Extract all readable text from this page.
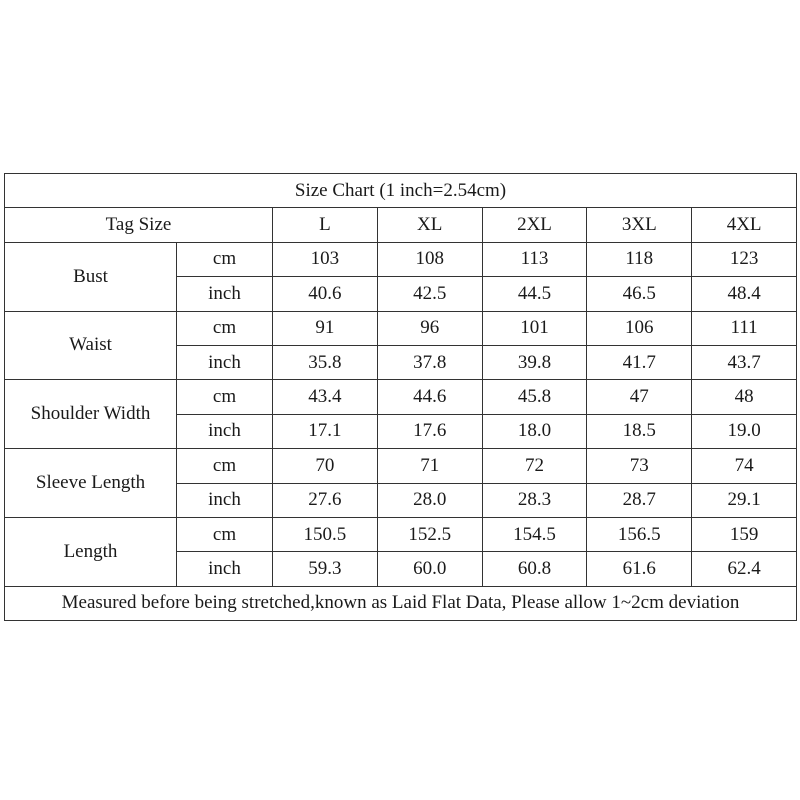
Size Chart (1 inch=2.54cm)						
Tag Size		L	XL	2XL	3XL	4XL
Bust	cm	103	108	113	118	123
	inch	40.6	42.5	44.5	46.5	48.4
Waist	cm	91	96	101	106	111
	inch	35.8	37.8	39.8	41.7	43.7
Shoulder Width	cm	43.4	44.6	45.8	47	48
	inch	17.1	17.6	18.0	18.5	19.0
Sleeve Length	cm	70	71	72	73	74
	inch	27.6	28.0	28.3	28.7	29.1
Length	cm	150.5	152.5	154.5	156.5	159
	inch	59.3	60.0	60.8	61.6	62.4
Measured before being stretched,known as Laid Flat Data, Please allow 1~2cm deviation						
